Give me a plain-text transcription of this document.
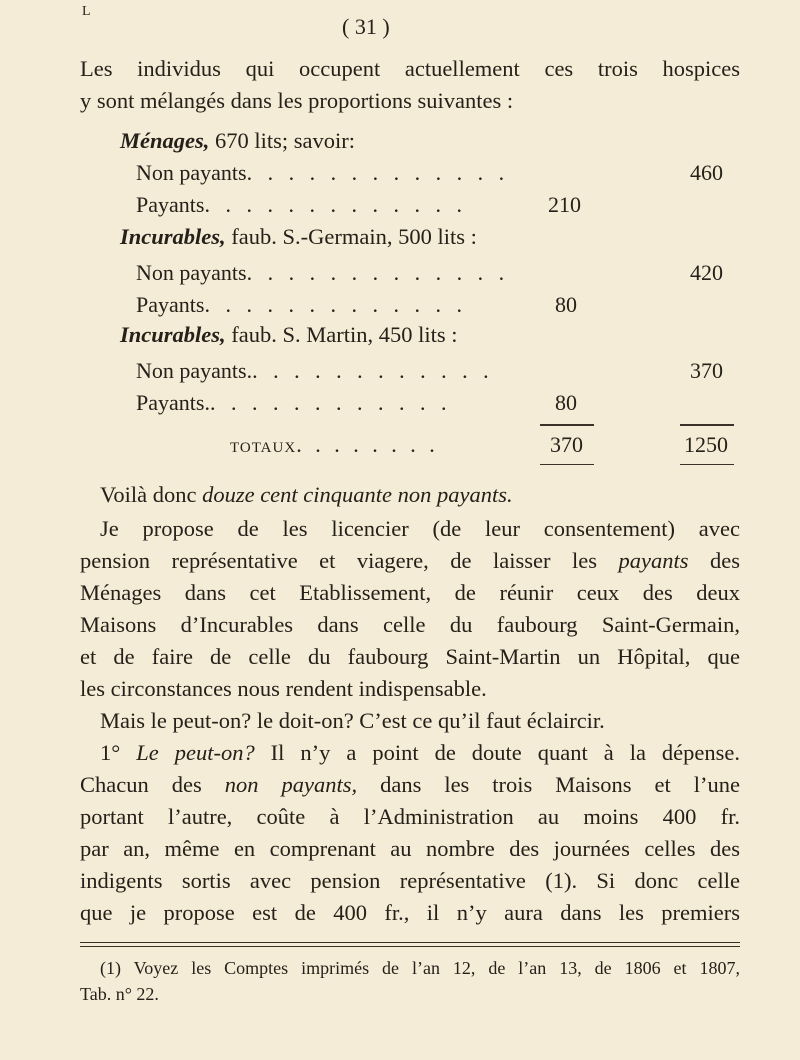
L
( 31 )
Les individus qui occupent actuellement ces trois hospices
y sont mélangés dans les proportions suivantes :
Ménages, 670 lits; savoir:
Non payants . . . . . . . . . . . . .	460
Payants . . . . . . . . . . . . .	210
Incurables, faub. S.-Germain, 500 lits :
Non payants . . . . . . . . . . . . .	420
Payants . . . . . . . . . . . . .	80
Incurables, faub. S. Martin, 450 lits :
Non payants. . . . . . . . . . . . .	370
Payants. . . . . . . . . . . . .	80
TOTAUX. . . . . . . .	370	1250
Voilà donc douze cent cinquante non payants.
Je propose de les licencier (de leur consentement) avec
pension représentative et viagere, de laisser les payants des
Ménages dans cet Etablissement, de réunir ceux des deux
Maisons d’Incurables dans celle du faubourg Saint-Germain,
et de faire de celle du faubourg Saint-Martin un Hôpital, que
les circonstances nous rendent indispensable.
Mais le peut-on? le doit-on? C’est ce qu’il faut éclaircir.
1° Le peut-on? Il n’y a point de doute quant à la dépense.
Chacun des non payants, dans les trois Maisons et l’une
portant l’autre, coûte à l’Administration au moins 400 fr.
par an, même en comprenant au nombre des journées celles des
indigents sortis avec pension représentative (1). Si donc celle
que je propose est de 400 fr., il n’y aura dans les premiers
(1) Voyez les Comptes imprimés de l’an 12, de l’an 13, de 1806 et 1807,
Tab. n° 22.
